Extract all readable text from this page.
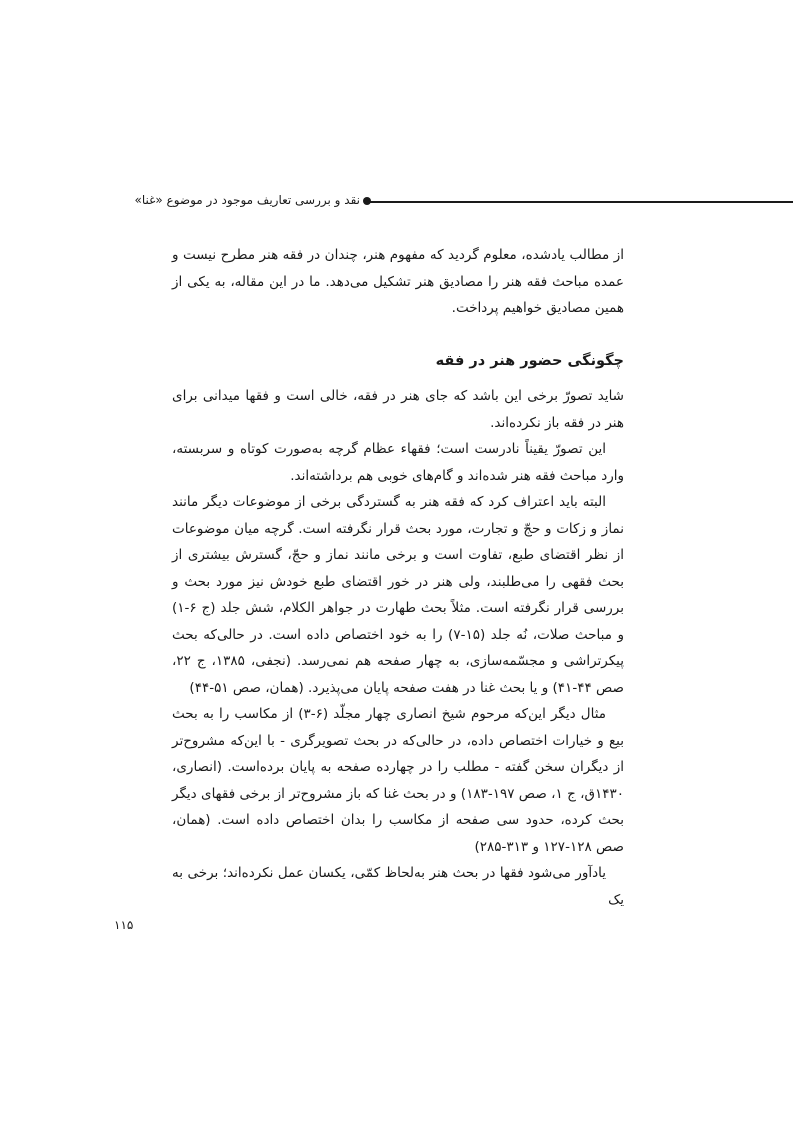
نقد و بررسی تعاریف موجود در موضوع «غنا»

از مطالب یادشده، معلوم گردید که مفهوم هنر، چندان در فقه هنر مطرح نیست و عمده مباحث فقه هنر را مصادیق هنر تشکیل می‌دهد. ما در این مقاله، به یکی از همین مصادیق خواهیم پرداخت.

چگونگی حضور هنر در فقه

شاید تصورّ برخی این باشد که جای هنر در فقه، خالی است و فقها میدانی برای هنر در فقه باز نکرده‌اند.

این تصورّ یقیناً نادرست است؛ فقهاء عظام گرچه به‌صورت کوتاه و سربسته، وارد مباحث فقه هنر شده‌اند و گام‌های خوبی هم برداشته‌اند.

البته باید اعتراف کرد که فقه هنر به گستردگی برخی از موضوعات دیگر مانند نماز و زکات و حجّ و تجارت، مورد بحث قرار نگرفته است. گرچه میان موضوعات از نظر اقتضای طبع، تفاوت است و برخی مانند نماز و حجّ، گسترش بیشتری از بحث فقهی را می‌طلبند، ولی هنر در خور اقتضای طبع خودش نیز مورد بحث و بررسی قرار نگرفته است. مثلاً بحث طهارت در جواهر الکلام، شش جلد (ج ۶-۱) و مباحث صلات، نُه جلد (۱۵-۷) را به خود اختصاص داده است. در حالی‌که بحث پیکرتراشی و مجسّمه‌سازی، به چهار صفحه هم نمی‌رسد. (نجفی، ۱۳۸۵، ج ۲۲، صص ۴۴-۴۱) و یا بحث غنا در هفت صفحه پایان می‌پذیرد. (همان، صص ۵۱-۴۴)

مثال دیگر این‌که مرحوم شیخ انصاری چهار مجلّد (۶-۳) از مکاسب را به بحث بیع و خیارات اختصاص داده، در حالی‌که در بحث تصویرگری - با این‌که مشروح‌تر از دیگران سخن گفته - مطلب را در چهارده صفحه به پایان برده‌است. (انصاری، ۱۴۳۰ق، ج ۱، صص ۱۹۷-۱۸۳) و در بحث غنا که باز مشروح‌تر از برخی فقهای دیگر بحث کرده، حدود سی صفحه از مکاسب را بدان اختصاص داده است. (همان، صص ۱۲۸-۱۲۷ و ۳۱۳-۲۸۵)

یادآور می‌شود فقها در بحث هنر به‌لحاظ کمّی، یکسان عمل نکرده‌اند؛ برخی به یک

۱۱۵
